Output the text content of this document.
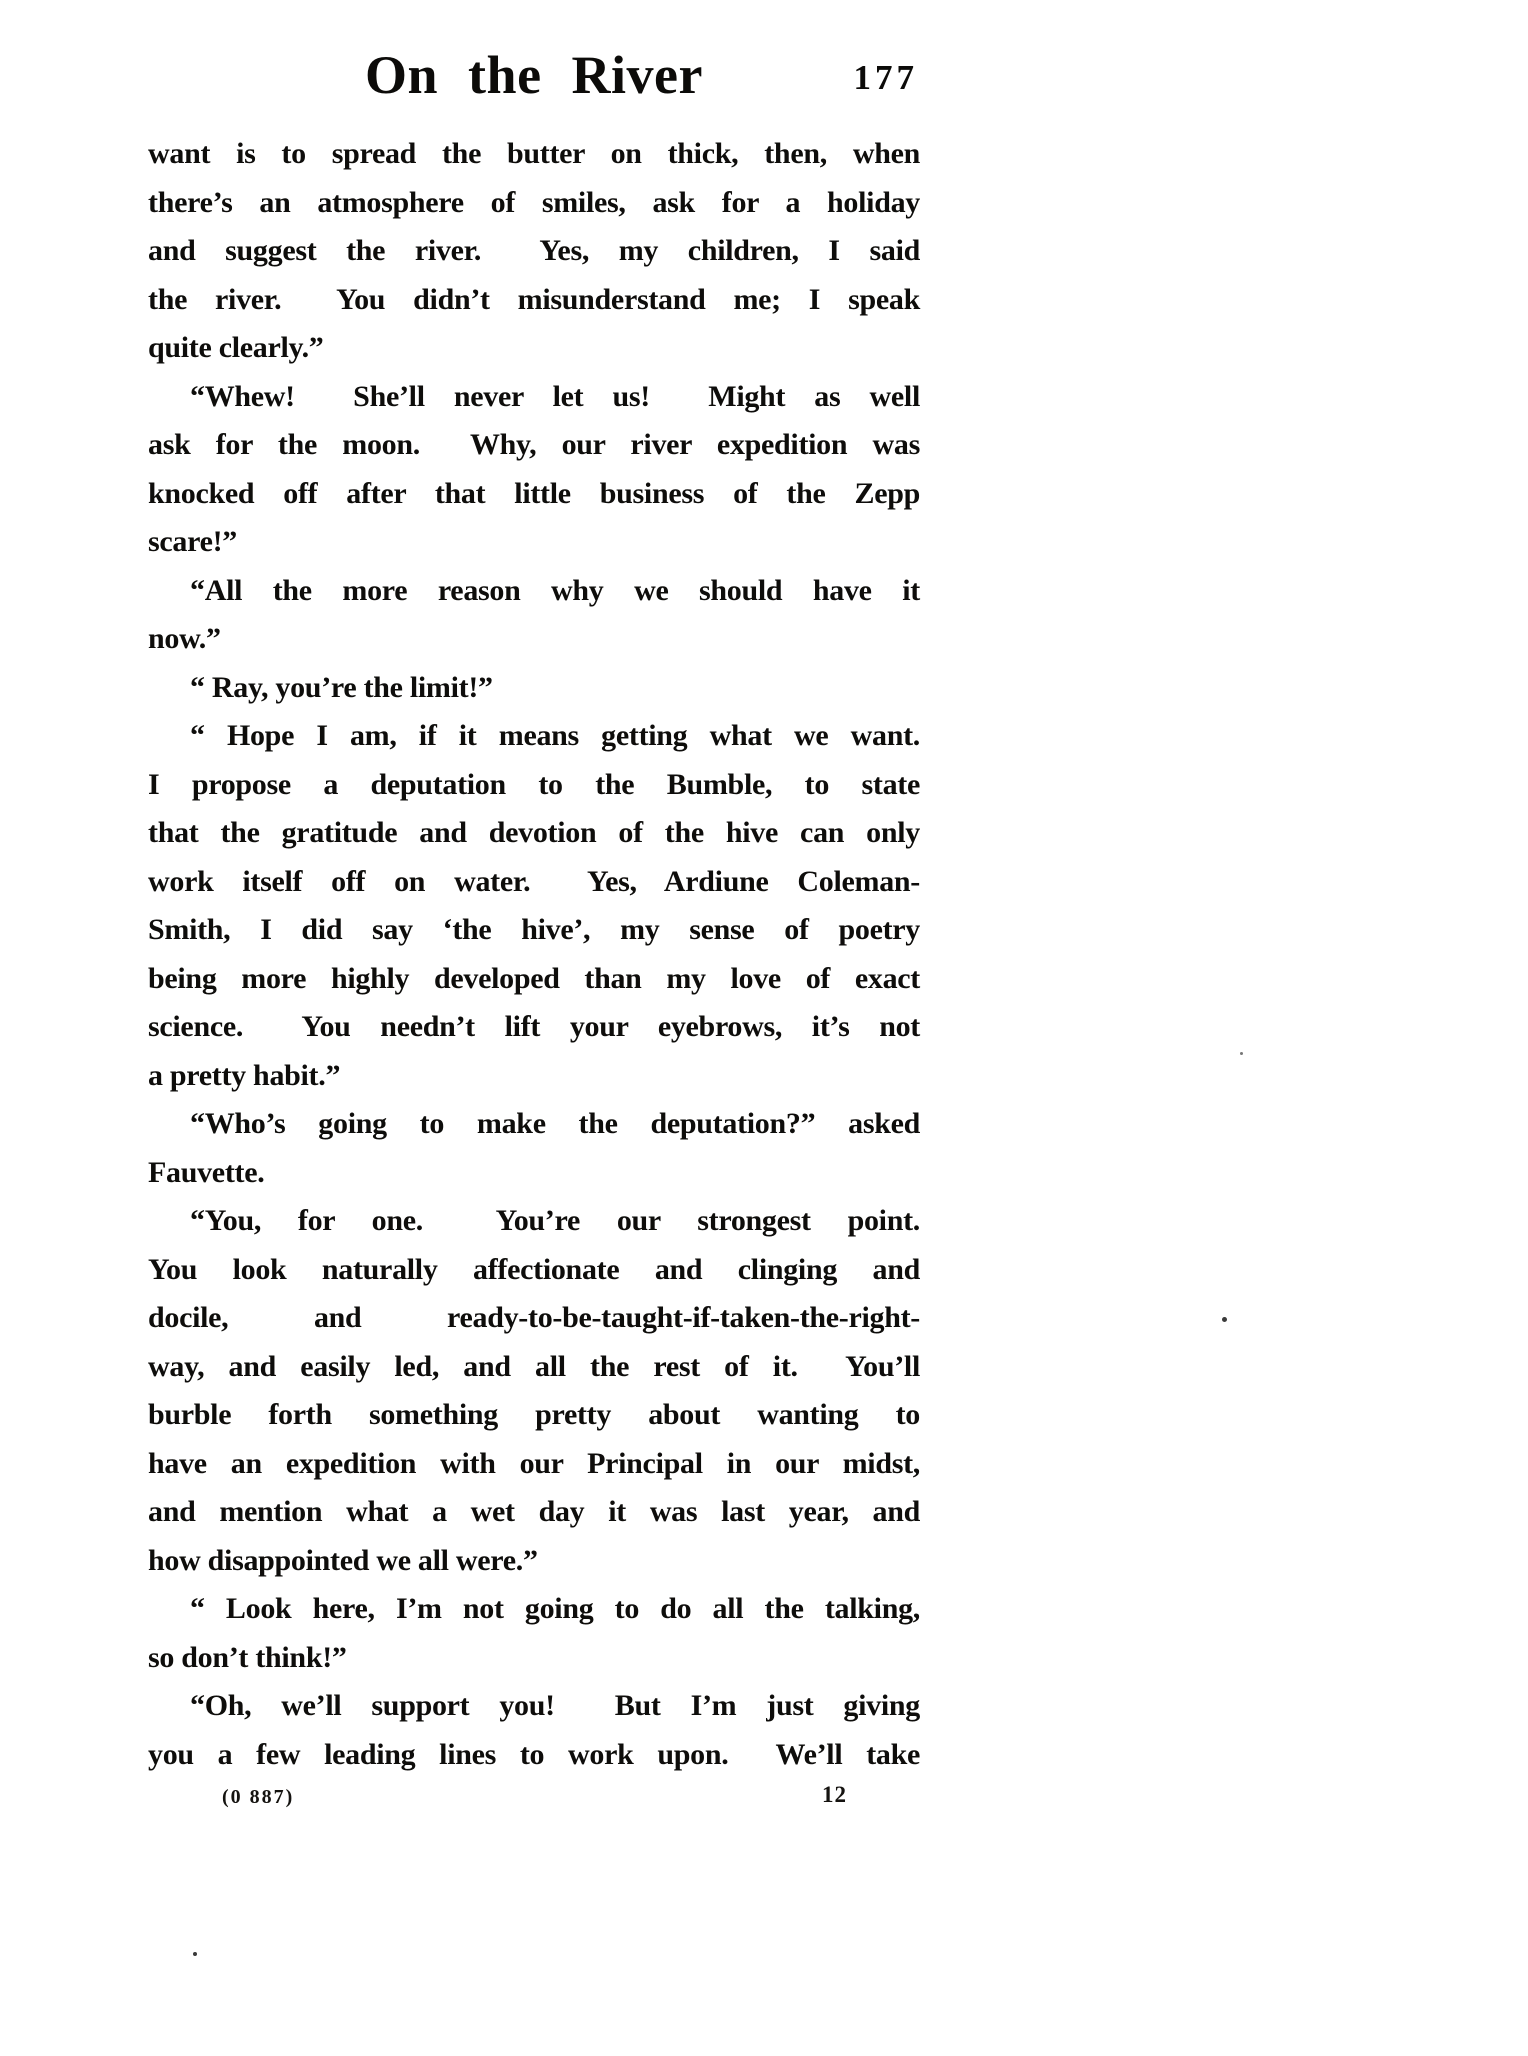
On the River	177
want is to spread the butter on thick, then, when
there’s an atmosphere of smiles, ask for a holiday
and suggest the river.  Yes, my children, I said
the river.  You didn’t misunderstand me; I speak
quite clearly.”
“Whew!  She’ll never let us!  Might as well
ask for the moon.  Why, our river expedition was
knocked off after that little business of the Zepp
scare!”
“All the more reason why we should have it
now.”
“ Ray, you’re the limit!”
“ Hope I am, if it means getting what we want.
I propose a deputation to the Bumble, to state
that the gratitude and devotion of the hive can only
work itself off on water.  Yes, Ardiune Coleman-
Smith, I did say ‘the hive’, my sense of poetry
being more highly developed than my love of exact
science.  You needn’t lift your eyebrows, it’s not
a pretty habit.”
“Who’s going to make the deputation?” asked
Fauvette.
“You, for one.  You’re our strongest point.
You look naturally affectionate and clinging and
docile, and ready-to-be-taught-if-taken-the-right-
way, and easily led, and all the rest of it.  You’ll
burble forth something pretty about wanting to
have an expedition with our Principal in our midst,
and mention what a wet day it was last year, and
how disappointed we all were.”
“ Look here, I’m not going to do all the talking,
so don’t think!”
“Oh, we’ll support you!  But I’m just giving
you a few leading lines to work upon.  We’ll take
(0 887)	12
